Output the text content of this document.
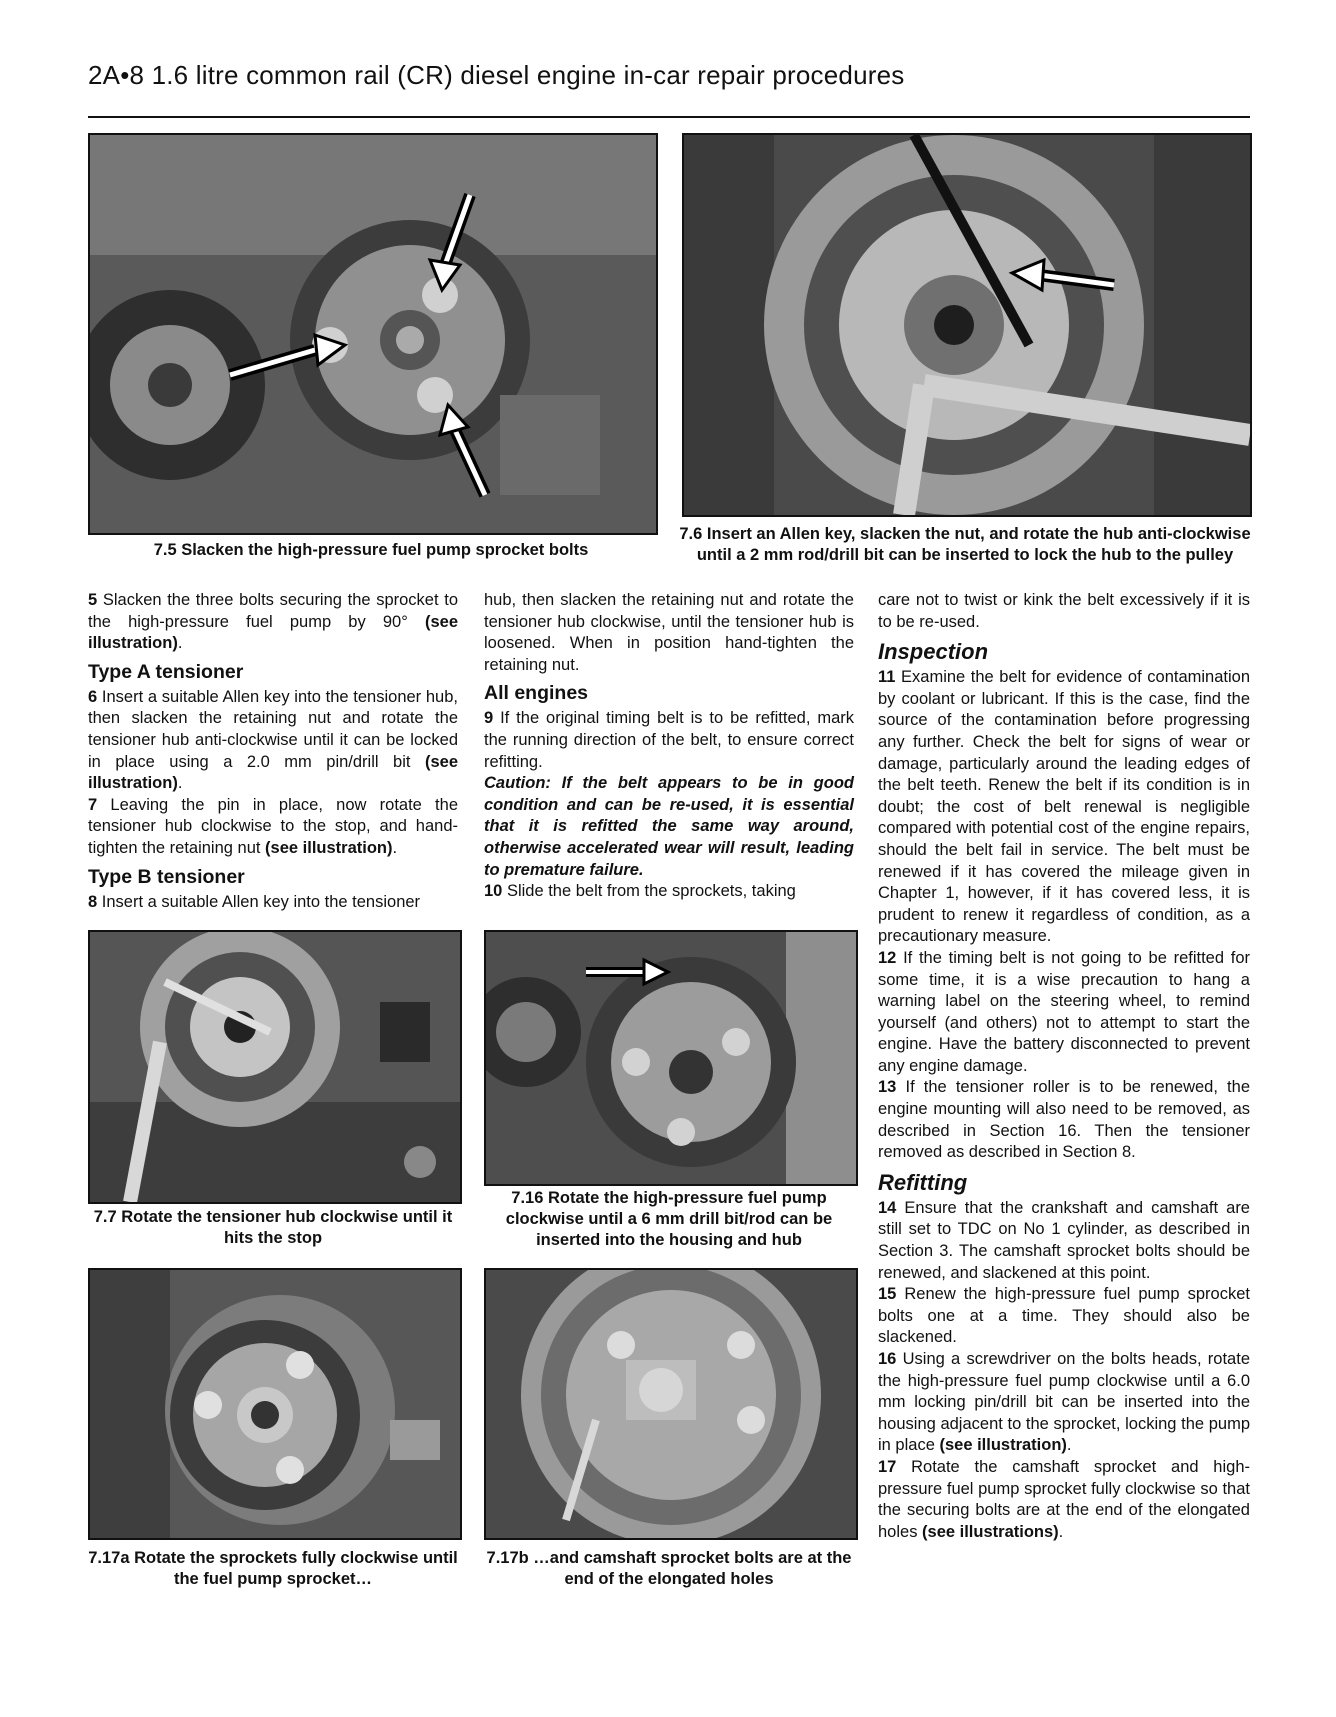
2A•8 1.6 litre common rail (CR) diesel engine in-car repair procedures
7.5 Slacken the high-pressure fuel pump sprocket bolts
7.6 Insert an Allen key, slacken the nut, and rotate the hub anti-clockwise until a 2 mm rod/drill bit can be inserted to lock the hub to the pulley

5 Slacken the three bolts securing the sprocket to the high-pressure fuel pump by 90° (see illustration).

Type A tensioner

6 Insert a suitable Allen key into the tensioner hub, then slacken the retaining nut and rotate the tensioner hub anti-clockwise until it can be locked in place using a 2.0 mm pin/drill bit (see illustration).

7 Leaving the pin in place, now rotate the tensioner hub clockwise to the stop, and hand-tighten the retaining nut (see illustration).

Type B tensioner

8 Insert a suitable Allen key into the tensioner

hub, then slacken the retaining nut and rotate the tensioner hub clockwise, until the tensioner hub is loosened. When in position hand-tighten the retaining nut.

All engines

9 If the original timing belt is to be refitted, mark the running direction of the belt, to ensure correct refitting.

Caution: If the belt appears to be in good condition and can be re-used, it is essential that it is refitted the same way around, otherwise accelerated wear will result, leading to premature failure.

10 Slide the belt from the sprockets, taking

care not to twist or kink the belt excessively if it is to be re-used.

Inspection

11 Examine the belt for evidence of contamination by coolant or lubricant. If this is the case, find the source of the contamination before progressing any further. Check the belt for signs of wear or damage, particularly around the leading edges of the belt teeth. Renew the belt if its condition is in doubt; the cost of belt renewal is negligible compared with potential cost of the engine repairs, should the belt fail in service. The belt must be renewed if it has covered the mileage given in Chapter 1, however, if it has covered less, it is prudent to renew it regardless of condition, as a precautionary measure.

12 If the timing belt is not going to be refitted for some time, it is a wise precaution to hang a warning label on the steering wheel, to remind yourself (and others) not to attempt to start the engine. Have the battery disconnected to prevent any engine damage.

13 If the tensioner roller is to be renewed, the engine mounting will also need to be removed, as described in Section 16. Then the tensioner removed as described in Section 8.

Refitting

14 Ensure that the crankshaft and camshaft are still set to TDC on No 1 cylinder, as described in Section 3. The camshaft sprocket bolts should be renewed, and slackened at this point.

15 Renew the high-pressure fuel pump sprocket bolts one at a time. They should also be slackened.

16 Using a screwdriver on the bolts heads, rotate the high-pressure fuel pump clockwise until a 6.0 mm locking pin/drill bit can be inserted into the housing adjacent to the sprocket, locking the pump in place (see illustration).

17 Rotate the camshaft sprocket and high-pressure fuel pump sprocket fully clockwise so that the securing bolts are at the end of the elongated holes (see illustrations).

7.7 Rotate the tensioner hub clockwise until it hits the stop
7.16 Rotate the high-pressure fuel pump clockwise until a 6 mm drill bit/rod can be inserted into the housing and hub
7.17a Rotate the sprockets fully clockwise until the fuel pump sprocket…
7.17b …and camshaft sprocket bolts are at the end of the elongated holes
